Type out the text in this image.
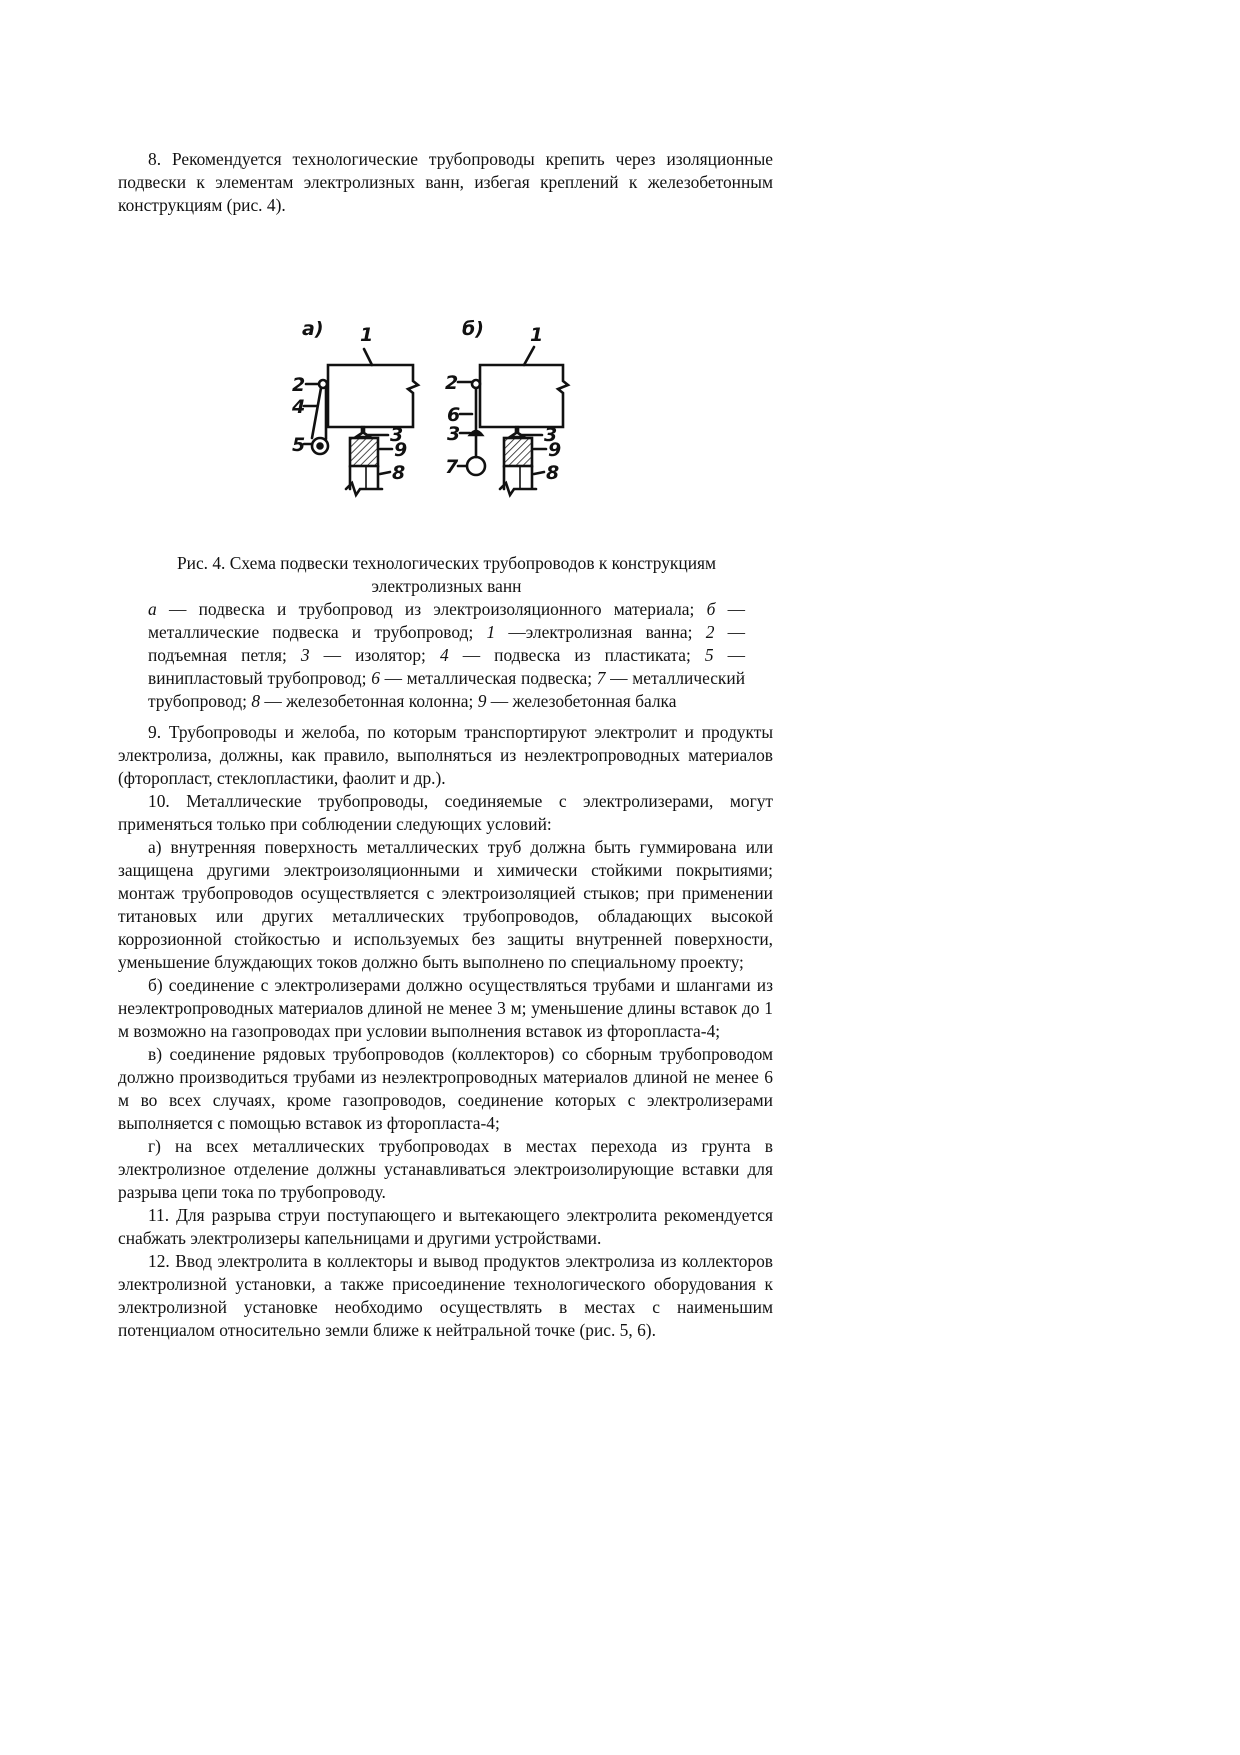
8. Рекомендуется технологические трубопроводы крепить через изоляционные подвески к элементам электролизных ванн, избегая креплений к железобетонным конструкциям (рис. 4).

а)	б)
1
2
4
5	3
9
8
1
2
6
3
7
3
9
8

Рис. 4. Схема подвески технологических трубопроводов к конструкциям электролизных ванн

а — подвеска и трубопровод из электроизоляционного материала; б — металлические подвеска и трубопровод; 1 —электролизная ванна; 2 — подъемная петля; 3 — изолятор; 4 — подвеска из пластиката; 5 — винипластовый трубопровод; 6 — металлическая подвеска; 7 — металлический трубопровод; 8 — железобетонная колонна; 9 — железобетонная балка

9. Трубопроводы и желоба, по которым транспортируют электролит и продукты электролиза, должны, как правило, выполняться из неэлектропроводных материалов (фторопласт, стеклопластики, фаолит и др.).

10. Металлические трубопроводы, соединяемые с электролизерами, могут применяться только при соблюдении следующих условий:

а) внутренняя поверхность металлических труб должна быть гуммирована или защищена другими электроизоляционными и химически стойкими покрытиями; монтаж трубопроводов осуществляется с электроизоляцией стыков; при применении титановых или других металлических трубопроводов, обладающих высокой коррозионной стойкостью и используемых без защиты внутренней поверхности, уменьшение блуждающих токов должно быть выполнено по специальному проекту;

б) соединение с электролизерами должно осуществляться трубами и шлангами из неэлектропроводных материалов длиной не менее 3 м; уменьшение длины вставок до 1 м возможно на газопроводах при условии выполнения вставок из фторопласта-4;

в) соединение рядовых трубопроводов (коллекторов) со сборным трубопроводом должно производиться трубами из неэлектропроводных материалов длиной не менее 6 м во всех случаях, кроме газопроводов, соединение которых с электролизерами выполняется с помощью вставок из фторопласта-4;

г) на всех металлических трубопроводах в местах перехода из грунта в электролизное отделение должны устанавливаться электроизолирующие вставки для разрыва цепи тока по трубопроводу.

11. Для разрыва струи поступающего и вытекающего электролита рекомендуется снабжать электролизеры капельницами и другими устройствами.

12. Ввод электролита в коллекторы и вывод продуктов электролиза из коллекторов электролизной установки, а также присоединение технологического оборудования к электролизной установке необходимо осуществлять в местах с наименьшим потенциалом относительно земли ближе к нейтральной точке (рис. 5, 6).
